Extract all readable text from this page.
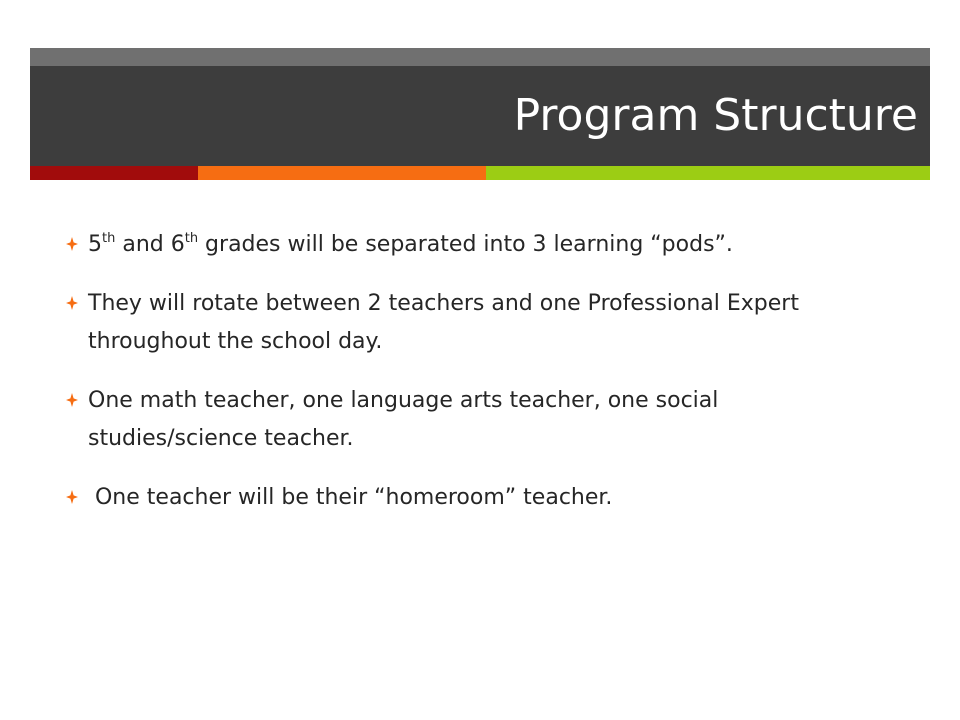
Program Structure
5th and 6th grades will be separated into 3 learning “pods”.
They will rotate between 2 teachers and one Professional Expert throughout the school day.
One math teacher, one language arts teacher, one social studies/science teacher.
One teacher will be their “homeroom” teacher.
